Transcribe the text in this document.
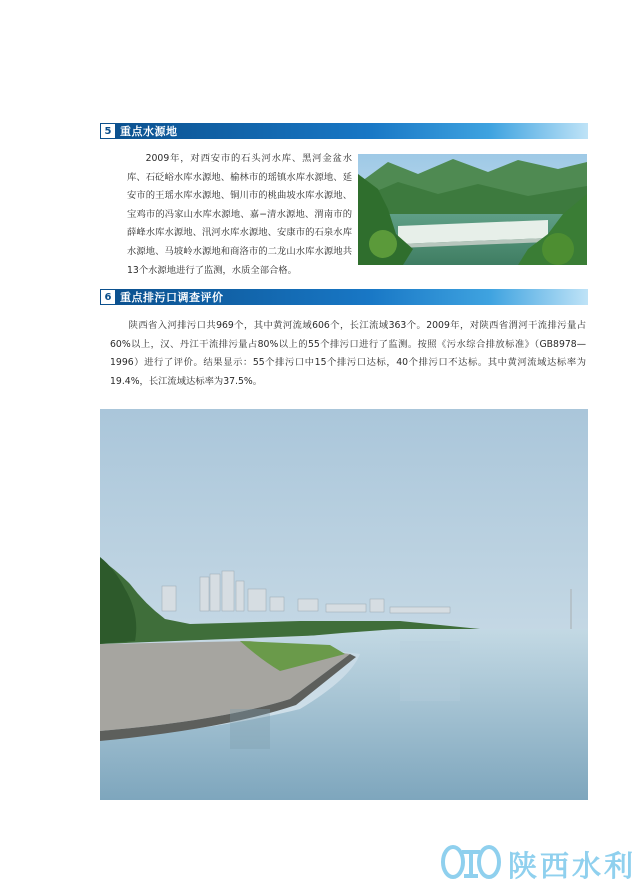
5 重点水源地

2009年，对西安市的石头河水库、黑河金盆水库、石砭峪水库水源地、榆林市的瑶镇水库水源地、延安市的王瑶水库水源地、铜川市的桃曲坡水库水源地、宝鸡市的冯家山水库水源地、嘉−清水源地、渭南市的薛峰水库水源地、汛河水库水源地、安康市的石泉水库水源地、马坡岭水源地和商洛市的二龙山水库水源地共13个水源地进行了监测，水质全部合格。

6 重点排污口调查评价

陕西省入河排污口共969个，其中黄河流域606个，长江流域363个。2009年，对陕西省渭河干流排污量占60%以上，汉、丹江干流排污量占80%以上的55个排污口进行了监测。按照《污水综合排放标准》（GB8978—1996）进行了评价。结果显示：55个排污口中15个排污口达标，40个排污口不达标。其中黄河流域达标率为19.4%，长江流域达标率为37.5%。

陕西水利
